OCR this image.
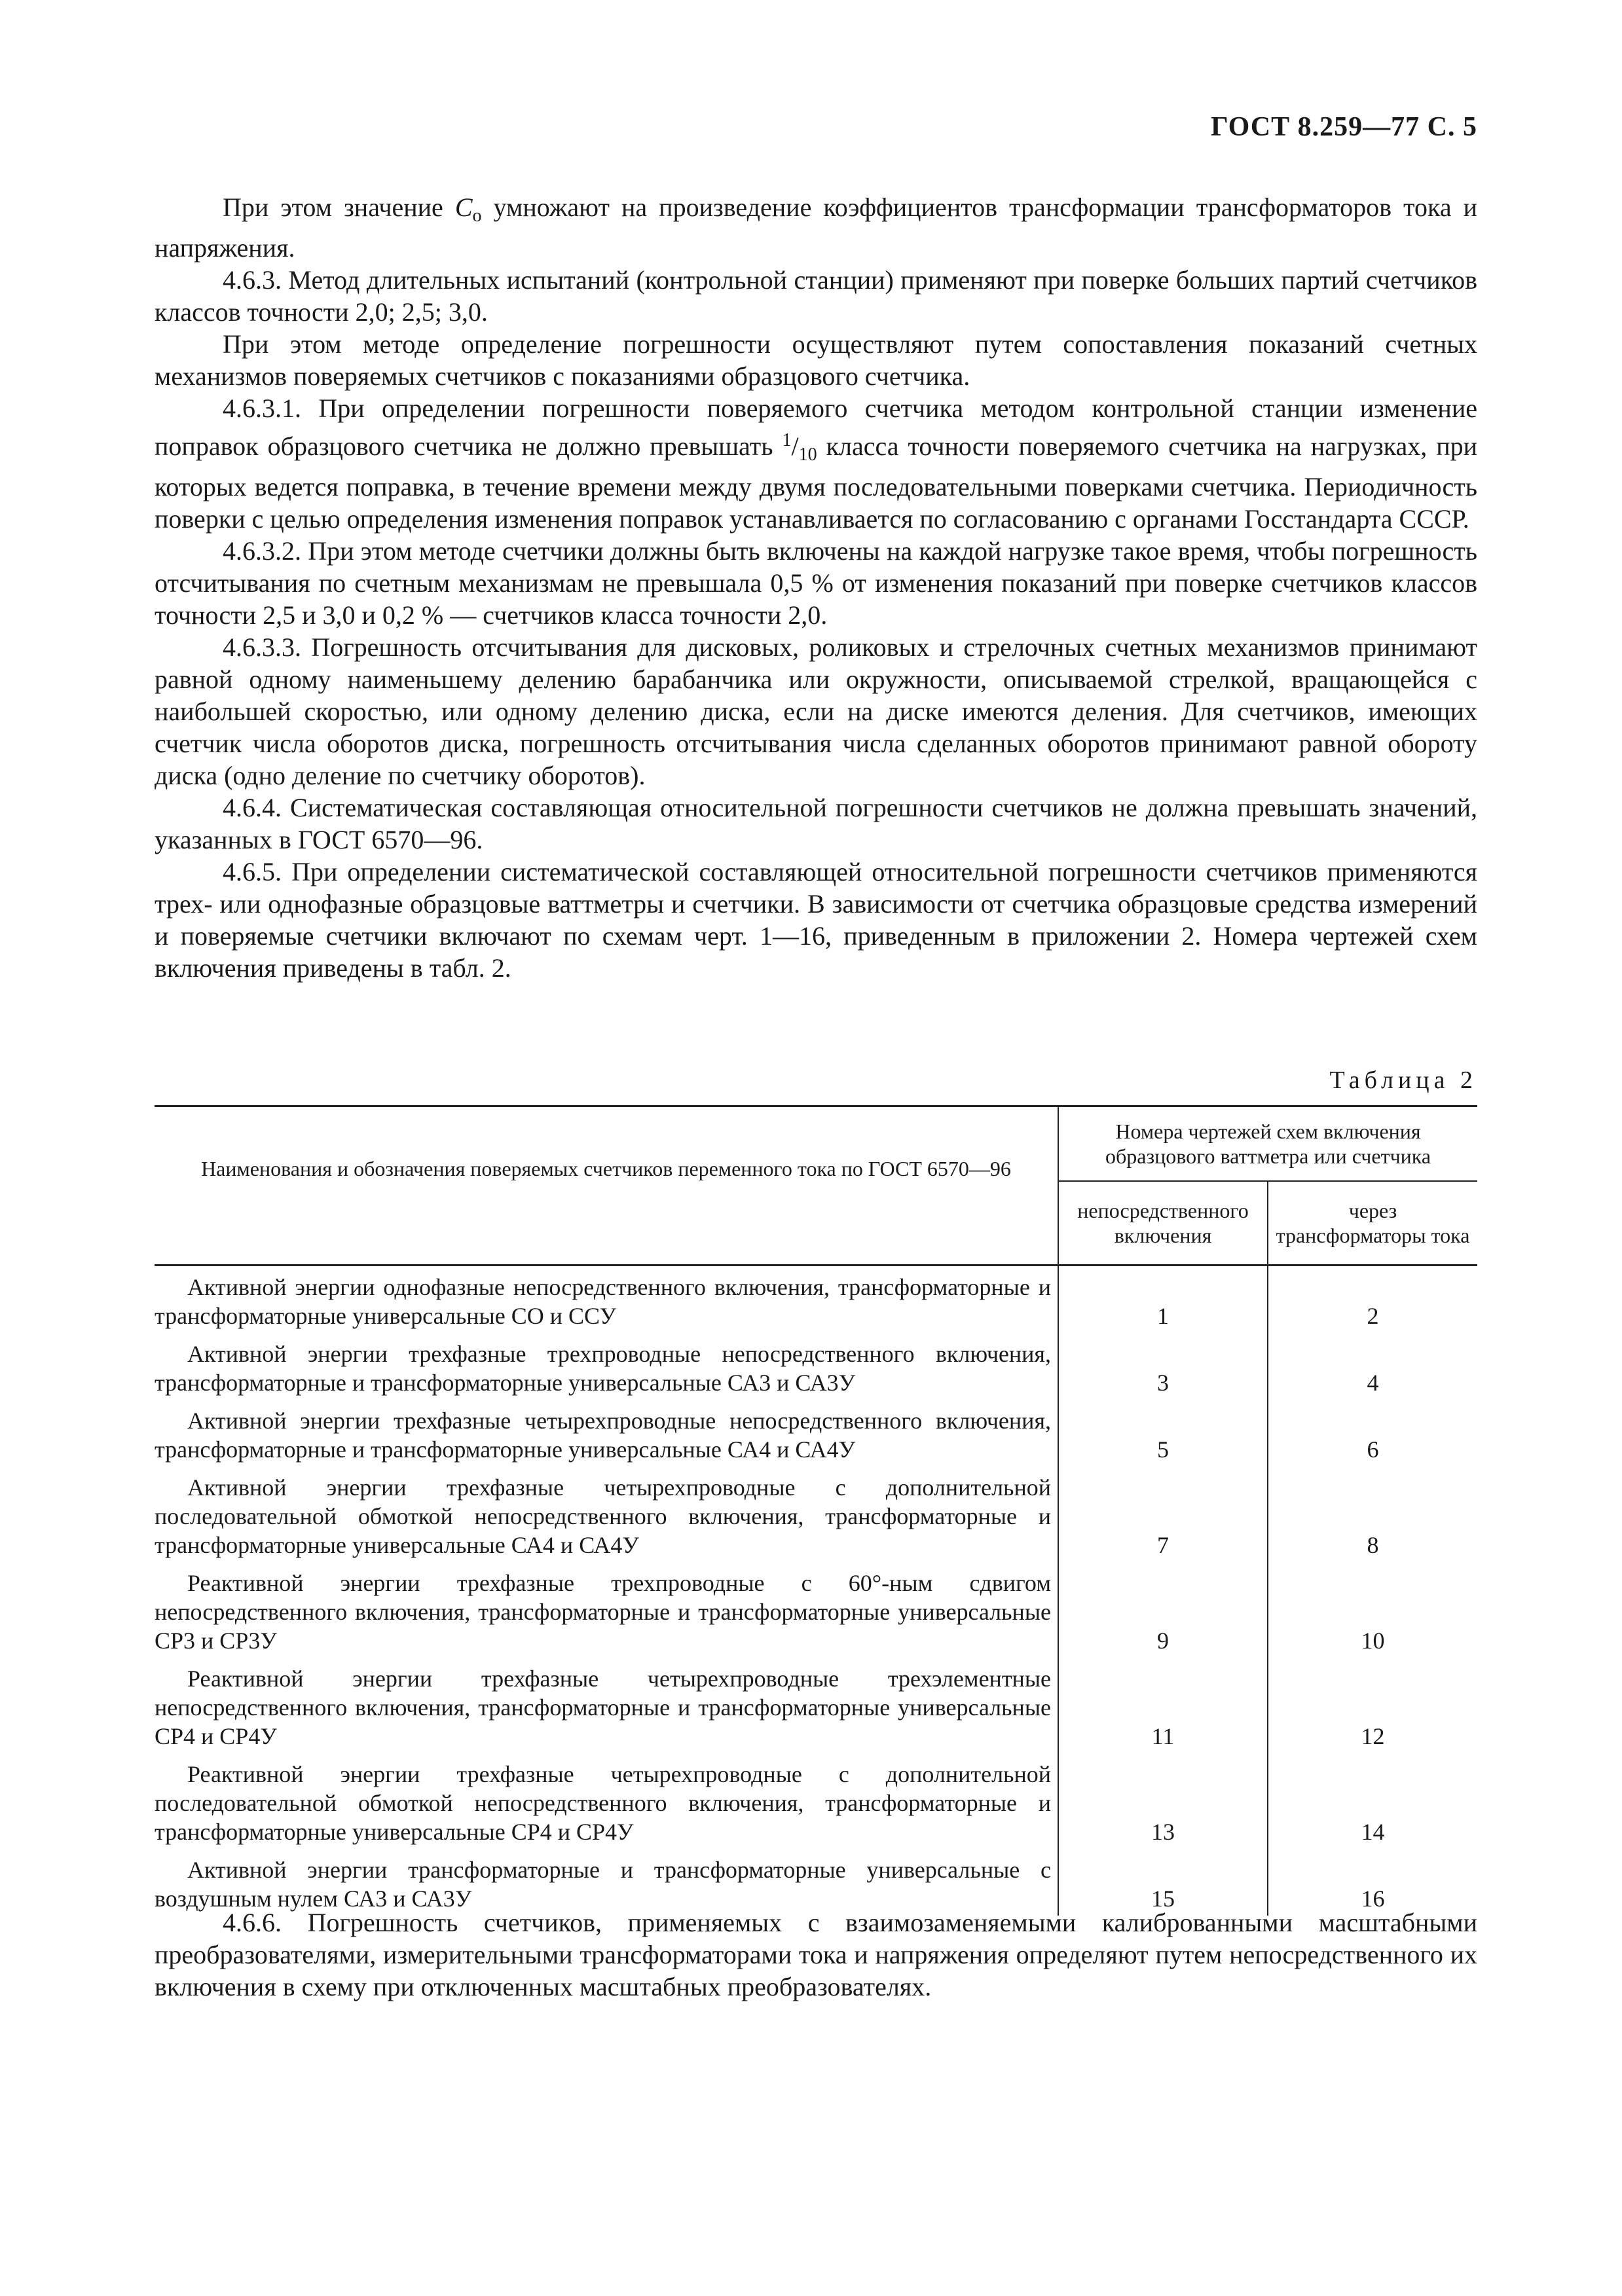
ГОСТ 8.259—77 С. 5

При этом значение $C_o$ умножают на произведение коэффициентов трансформации трансформаторов тока и напряжения.

4.6.3. Метод длительных испытаний (контрольной станции) применяют при поверке больших партий счетчиков классов точности 2,0; 2,5; 3,0.

При этом методе определение погрешности осуществляют путем сопоставления показаний счетных механизмов поверяемых счетчиков с показаниями образцового счетчика.

4.6.3.1. При определении погрешности поверяемого счетчика методом контрольной станции изменение поправок образцового счетчика не должно превышать $^1/_{10}$ класса точности поверяемого счетчика на нагрузках, при которых ведется поправка, в течение времени между двумя последовательными поверками счетчика. Периодичность поверки с целью определения изменения поправок устанавливается по согласованию с органами Госстандарта СССР.

4.6.3.2. При этом методе счетчики должны быть включены на каждой нагрузке такое время, чтобы погрешность отсчитывания по счетным механизмам не превышала 0,5 % от изменения показаний при поверке счетчиков классов точности 2,5 и 3,0 и 0,2 % — счетчиков класса точности 2,0.

4.6.3.3. Погрешность отсчитывания для дисковых, роликовых и стрелочных счетных механизмов принимают равной одному наименьшему делению барабанчика или окружности, описываемой стрелкой, вращающейся с наибольшей скоростью, или одному делению диска, если на диске имеются деления. Для счетчиков, имеющих счетчик числа оборотов диска, погрешность отсчитывания числа сделанных оборотов принимают равной обороту диска (одно деление по счетчику оборотов).

4.6.4. Систематическая составляющая относительной погрешности счетчиков не должна превышать значений, указанных в ГОСТ 6570—96.

4.6.5. При определении систематической составляющей относительной погрешности счетчиков применяются трех- или однофазные образцовые ваттметры и счетчики. В зависимости от счетчика образцовые средства измерений и поверяемые счетчики включают по схемам черт. 1—16, приведенным в приложении 2. Номера чертежей схем включения приведены в табл. 2.

Таблица 2
Наименования и обозначения поверяемых счетчиков переменного тока по ГОСТ 6570—96	Номера чертежей схем включения образцового ваттметра или счетчика	
	непосредственного включения	через трансформаторы тока
Активной энергии однофазные непосредственного включения, трансформаторные и трансформаторные универсальные СО и ССУ	1	2
Активной энергии трехфазные трехпроводные непосредственного включения, трансформаторные и трансформаторные универсальные СА3 и СА3У	3	4
Активной энергии трехфазные четырехпроводные непосредственного включения, трансформаторные и трансформаторные универсальные СА4 и СА4У	5	6
Активной энергии трехфазные четырехпроводные с дополнительной последовательной обмоткой непосредственного включения, трансформаторные и трансформаторные универсальные СА4 и СА4У	7	8
Реактивной энергии трехфазные трехпроводные с 60°-ным сдвигом непосредственного включения, трансформаторные и трансформаторные универсальные СР3 и СР3У	9	10
Реактивной энергии трехфазные четырехпроводные трехэлементные непосредственного включения, трансформаторные и трансформаторные универсальные СР4 и СР4У	11	12
Реактивной энергии трехфазные четырехпроводные с дополнительной последовательной обмоткой непосредственного включения, трансформаторные и трансформаторные универсальные СР4 и СР4У	13	14
Активной энергии трансформаторные и трансформаторные универсальные с воздушным нулем СА3 и СА3У	15	16

4.6.6. Погрешность счетчиков, применяемых с взаимозаменяемыми калиброванными масштабными преобразователями, измерительными трансформаторами тока и напряжения определяют путем непосредственного их включения в схему при отключенных масштабных преобразователях.
